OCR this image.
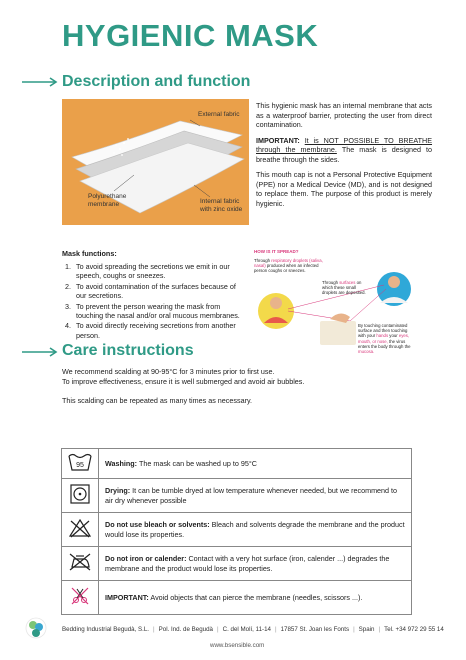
HYGIENIC MASK
Description and function
External fabric
Polyurethane
membrane	Internal fabric
with zinc oxide

This hygienic mask has an internal membrane that acts as a waterproof barrier, protecting the user from direct contamination.

IMPORTANT: It is NOT POSSIBLE TO BREATHE through the membrane. The mask is designed to breathe through the sides.

This mouth cap is not a Personal Protective Equipment (PPE) nor a Medical Device (MD), and is not designed to replace them. The purpose of this product is merely hygienic.

Mask functions:
1. To avoid spreading the secretions we emit in our speech, coughs or sneezes.
2. To avoid contamination of the surfaces because of our secretions.
3. To prevent the person wearing the mask from touching the nasal and/or oral mucous membranes.
4. To avoid directly receiving secretions from another person.
HOW IS IT SPREAD?
Through respiratory droplets (saliva, nasal) produced when an infected person coughs or sneezes.
Through surfaces on which these small droplets are deposited.
By touching contaminated surface and then touching with your hands your eyes, mouth, or nose, the virus enters the body through the mucosa.
Care instructions

We recommend scalding at 90-95°C for 3 minutes prior to first use.

To improve effectiveness, ensure it is well submerged and avoid air bubbles.

This scalding can be repeated as many times as necessary.

95	Washing: The mask can be washed up to 95°C
	Drying: It can be tumble dryed at low temperature whenever needed, but we recommend to air dry whenever possible
	Do not use bleach or solvents: Bleach and solvents degrade the membrane and the product would lose its properties.
	Do not iron or calender: Contact with a very hot surface (iron, calender ...) degrades the membrane and the product would lose its properties.
	IMPORTANT: Avoid objects that can pierce the membrane (needles, scissors ...).
Bedding Industrial Begudà, S.L. | Pol. Ind. de Begudà | C. del Molí, 11-14 | 17857 St. Joan les Fonts | Spain | Tel. +34 972 29 55 14
www.bsensible.com
